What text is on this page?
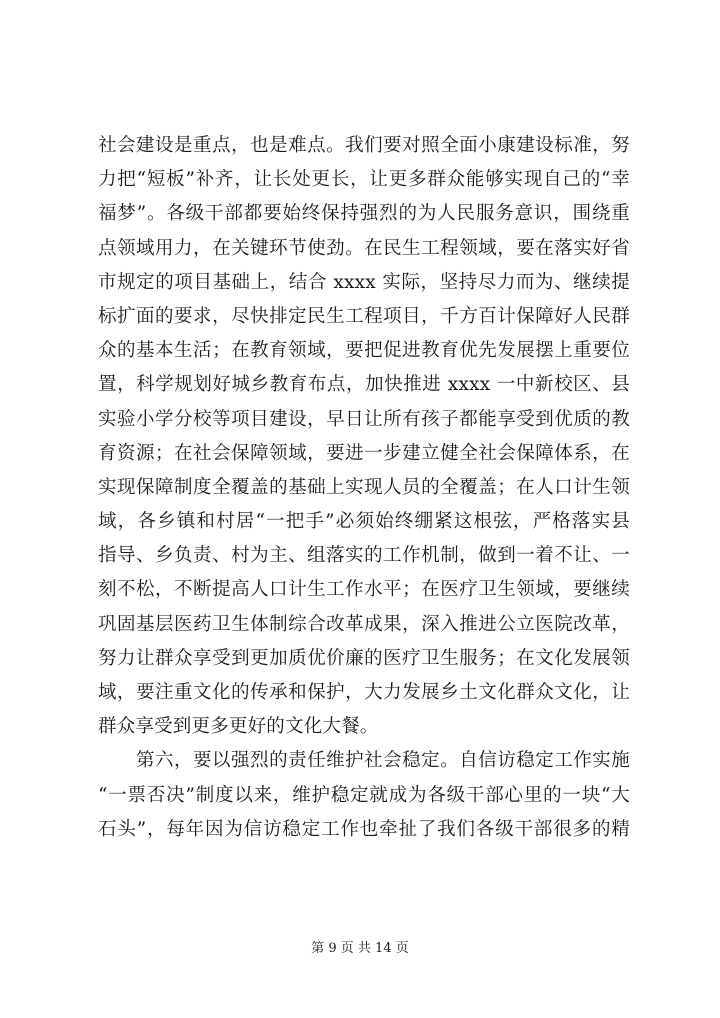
社会建设是重点，也是难点。我们要对照全面小康建设标准，努
力把“短板”补齐，让长处更长，让更多群众能够实现自己的“幸
福梦”。各级干部都要始终保持强烈的为人民服务意识，围绕重
点领域用力，在关键环节使劲。在民生工程领域，要在落实好省
市规定的项目基础上，结合 xxxx 实际，坚持尽力而为、继续提
标扩面的要求，尽快排定民生工程项目，千方百计保障好人民群
众的基本生活；在教育领域，要把促进教育优先发展摆上重要位
置，科学规划好城乡教育布点，加快推进 xxxx 一中新校区、县
实验小学分校等项目建设，早日让所有孩子都能享受到优质的教
育资源；在社会保障领域，要进一步建立健全社会保障体系，在
实现保障制度全覆盖的基础上实现人员的全覆盖；在人口计生领
域，各乡镇和村居“一把手”必须始终绷紧这根弦，严格落实县
指导、乡负责、村为主、组落实的工作机制，做到一着不让、一
刻不松，不断提高人口计生工作水平；在医疗卫生领域，要继续
巩固基层医药卫生体制综合改革成果，深入推进公立医院改革，
努力让群众享受到更加质优价廉的医疗卫生服务；在文化发展领
域，要注重文化的传承和保护，大力发展乡土文化群众文化，让
群众享受到更多更好的文化大餐。
第六，要以强烈的责任维护社会稳定。自信访稳定工作实施
“一票否决”制度以来，维护稳定就成为各级干部心里的一块“大
石头”，每年因为信访稳定工作也牵扯了我们各级干部很多的精
第 9 页 共 14 页
